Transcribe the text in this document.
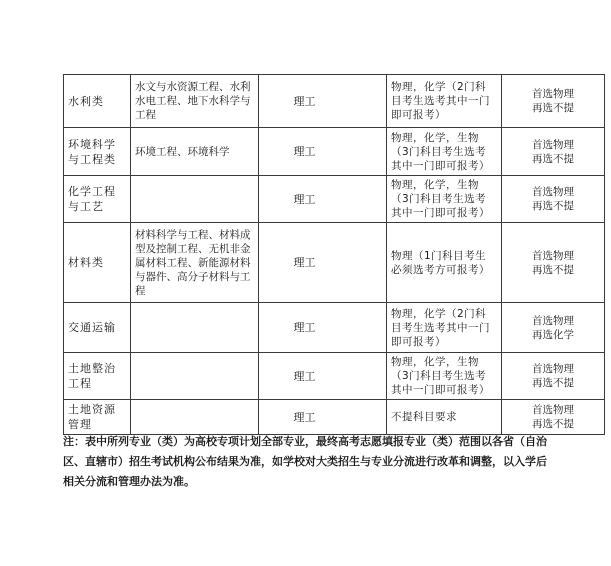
水利类	水文与水资源工程、水利水电工程、地下水科学与工程	理工	物理，化学（2门科目考生选考其中一门即可报考）	首选物理
再选不提

环境科学与工程类	环境工程、环境科学	理工	物理，化学，生物（3门科目考生选考其中一门即可报考）	首选物理
再选不提

化学工程与工艺		理工	物理，化学，生物（3门科目考生选考其中一门即可报考）	首选物理
再选不提

材料类	材料科学与工程、材料成型及控制工程、无机非金属材料工程、新能源材料与器件、高分子材料与工程	理工	物理（1门科目考生必须选考方可报考）	首选物理
再选不提

交通运输		理工	物理，化学（2门科目考生选考其中一门即可报考）	首选物理
再选化学

土地整治工程		理工	物理，化学，生物（3门科目考生选考其中一门即可报考）	首选物理
再选不提

土地资源管理		理工	不提科目要求	首选物理
再选不提
注：表中所列专业（类）为高校专项计划全部专业，最终高考志愿填报专业（类）范围以各省（自治区、直辖市）招生考试机构公布结果为准，如学校对大类招生与专业分流进行改革和调整，以入学后相关分流和管理办法为准。
